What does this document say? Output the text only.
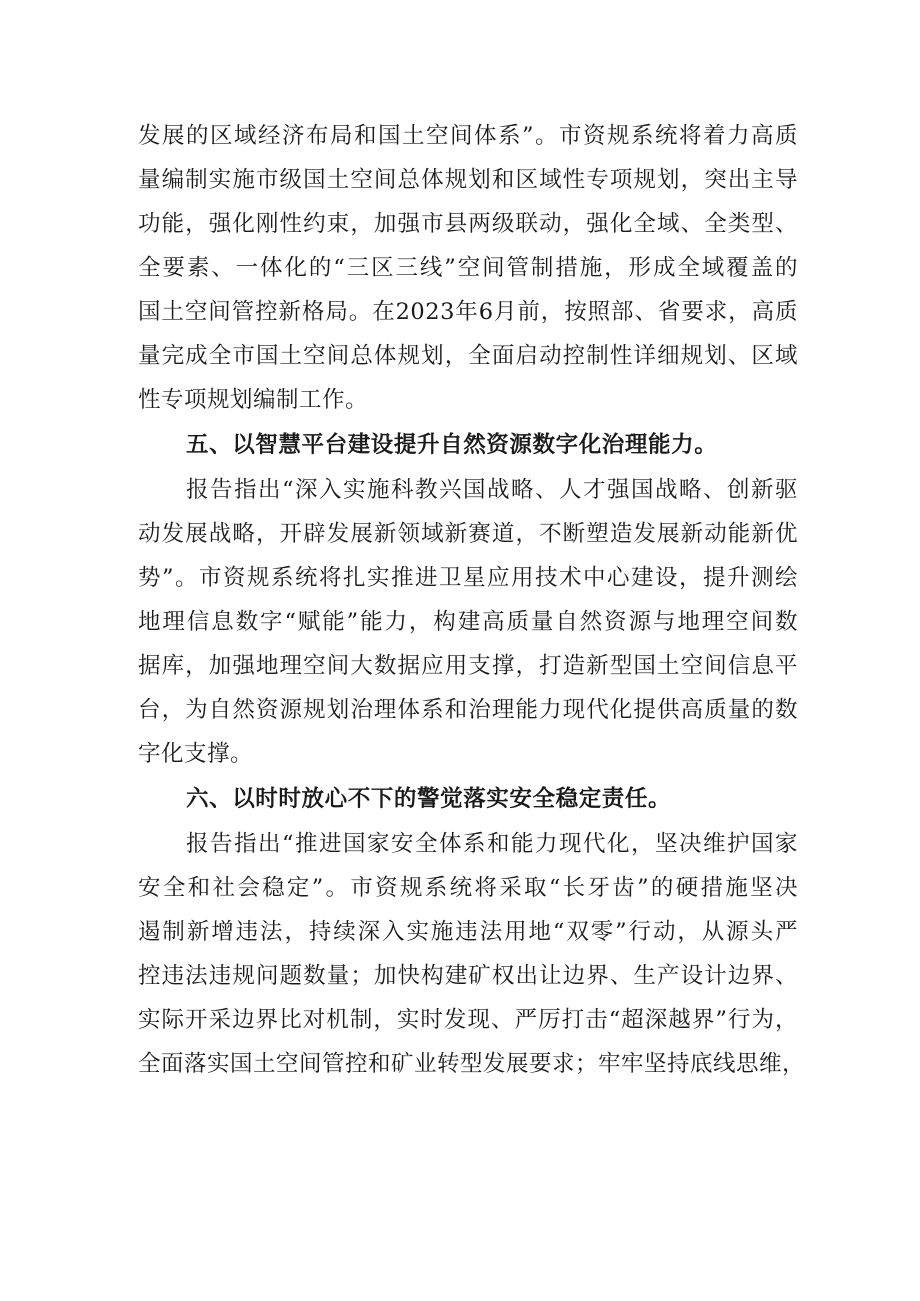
发展的区域经济布局和国土空间体系”。市资规系统将着力高质
量编制实施市级国土空间总体规划和区域性专项规划，突出主导
功能，强化刚性约束，加强市县两级联动，强化全域、全类型、
全要素、一体化的“三区三线”空间管制措施，形成全域覆盖的
国土空间管控新格局。在2023年6月前，按照部、省要求，高质
量完成全市国土空间总体规划，全面启动控制性详细规划、区域
性专项规划编制工作。
五、以智慧平台建设提升自然资源数字化治理能力。
报告指出“深入实施科教兴国战略、人才强国战略、创新驱
动发展战略，开辟发展新领域新赛道，不断塑造发展新动能新优
势”。市资规系统将扎实推进卫星应用技术中心建设，提升测绘
地理信息数字“赋能”能力，构建高质量自然资源与地理空间数
据库，加强地理空间大数据应用支撑，打造新型国土空间信息平
台，为自然资源规划治理体系和治理能力现代化提供高质量的数
字化支撑。
六、以时时放心不下的警觉落实安全稳定责任。
报告指出“推进国家安全体系和能力现代化，坚决维护国家
安全和社会稳定”。市资规系统将采取“长牙齿”的硬措施坚决
遏制新增违法，持续深入实施违法用地“双零”行动，从源头严
控违法违规问题数量；加快构建矿权出让边界、生产设计边界、
实际开采边界比对机制，实时发现、严厉打击“超深越界”行为，
全面落实国土空间管控和矿业转型发展要求；牢牢坚持底线思维，
